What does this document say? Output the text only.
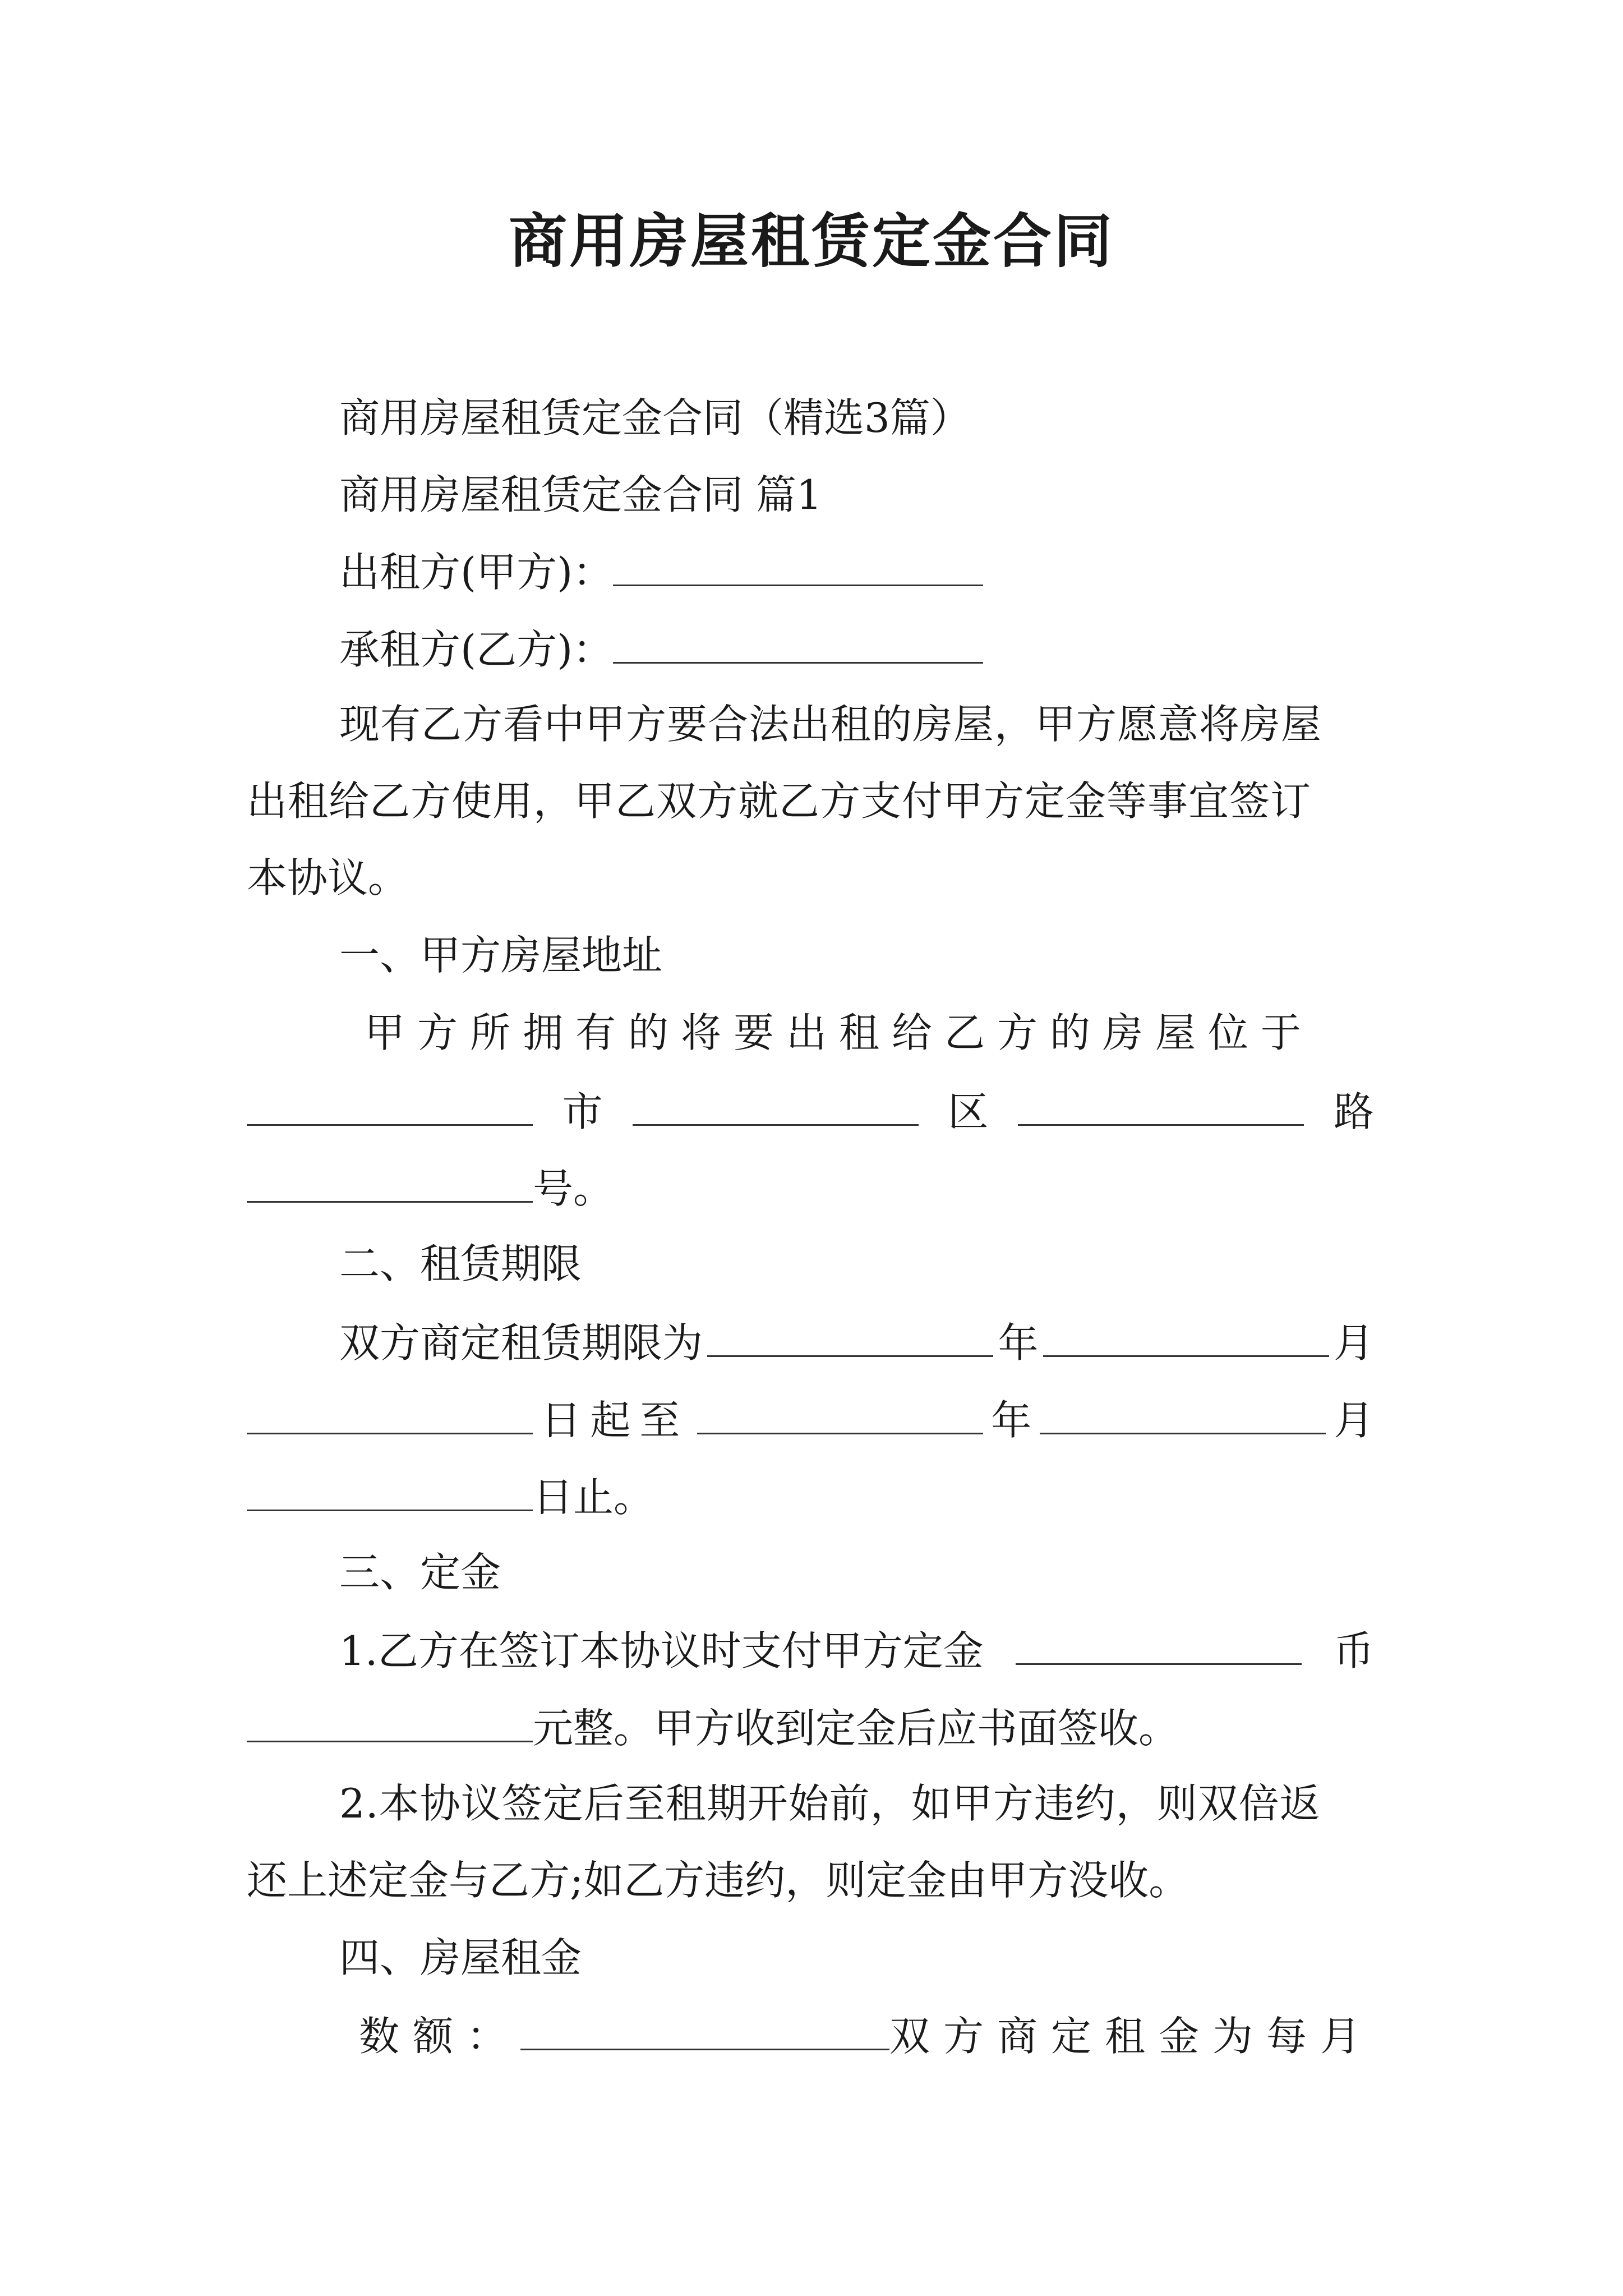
商用房屋租赁定金合同
商用房屋租赁定金合同（精选3篇）
商用房屋租赁定金合同 篇1
出租方(甲方)：
承租方(乙方)：
现有乙方看中甲方要合法出租的房屋，甲方愿意将房屋
出租给乙方使用，甲乙双方就乙方支付甲方定金等事宜签订
本协议。
一、甲方房屋地址
甲方所拥有的将要出租给乙方的房屋位于
市	区	路
号。
二、租赁期限
双方商定租赁期限为	年	月
日起至	年	月
日止。
三、定金
1.乙方在签订本协议时支付甲方定金	币
元整。甲方收到定金后应书面签收。
2.本协议签定后至租期开始前，如甲方违约，则双倍返
还上述定金与乙方;如乙方违约，则定金由甲方没收。
四、房屋租金
数额：	双方商定租金为每月
